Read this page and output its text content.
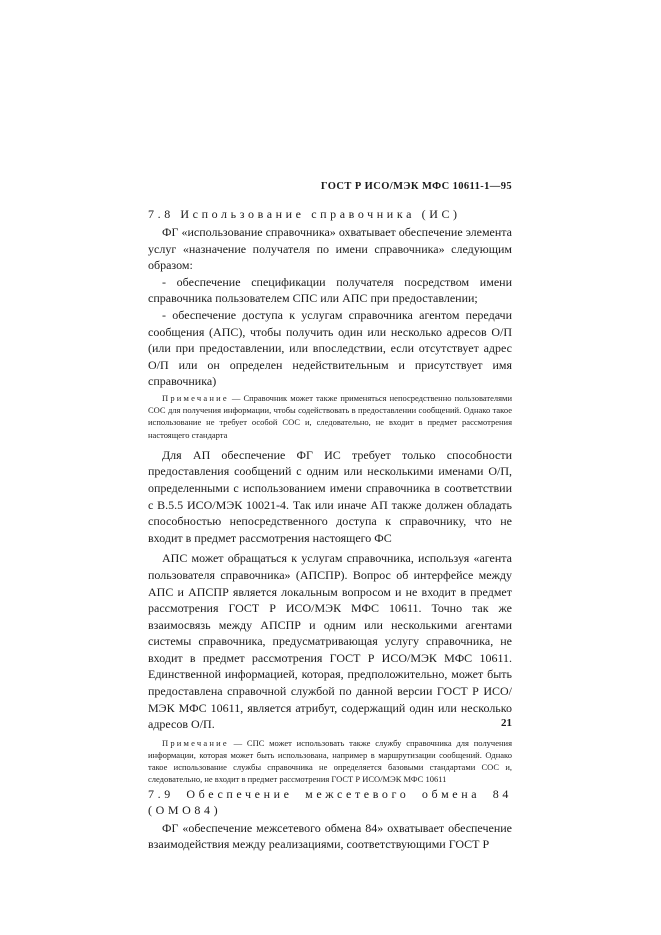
ГОСТ Р ИСО/МЭК МФС 10611-1—95
7.8 Использование справочника (ИС)

ФГ «использование справочника» охватывает обеспечение элемента услуг «назначение получателя по имени справочника» следующим образом:

- обеспечение спецификации получателя посредством имени справочника пользователем СПС или АПС при предоставлении;

- обеспечение доступа к услугам справочника агентом передачи сообщения (АПС), чтобы получить один или несколько адресов О/П (или при предоставлении, или впоследствии, если отсутствует адрес О/П или он определен недействительным и присутствует имя справочника)

Примечание — Справочник может также применяться непосредственно пользователями СОС для получения информации, чтобы содействовать в предоставлении сообщений. Однако такое использование не требует особой СОС и, следовательно, не входит в предмет рассмотрения настоящего стандарта

Для АП обеспечение ФГ ИС требует только способности предоставления сообщений с одним или несколькими именами О/П, определенными с использованием имени справочника в соответствии с В.5.5 ИСО/МЭК 10021-4. Так или иначе АП также должен обладать способностью непосредственного доступа к справочнику, что не входит в предмет рассмотрения настоящего ФС

АПС может обращаться к услугам справочника, используя «агента пользователя справочника» (АПСПР). Вопрос об интерфейсе между АПС и АПСПР является локальным вопросом и не входит в предмет рассмотрения ГОСТ Р ИСО/МЭК МФС 10611. Точно так же взаимосвязь между АПСПР и одним или несколькими агентами системы справочника, предусматривающая услугу справочника, не входит в предмет рассмотрения ГОСТ Р ИСО/МЭК МФС 10611. Единственной информацией, которая, предположительно, может быть предоставлена справочной службой по данной версии ГОСТ Р ИСО/МЭК МФС 10611, является атрибут, содержащий один или несколько адресов О/П.

Примечание — СПС может использовать также службу справочника для получения информации, которая может быть использована, например в маршрутизации сообщений. Однако такое использование службы справочника не определяется базовыми стандартами СОС и, следовательно, не входит в предмет рассмотрения ГОСТ Р ИСО/МЭК МФС 10611

7.9 Обеспечение межсетевого обмена 84
(ОМО84)

ФГ «обеспечение межсетевого обмена 84» охватывает обеспечение взаимодействия между реализациями, соответствующими ГОСТ Р

21
